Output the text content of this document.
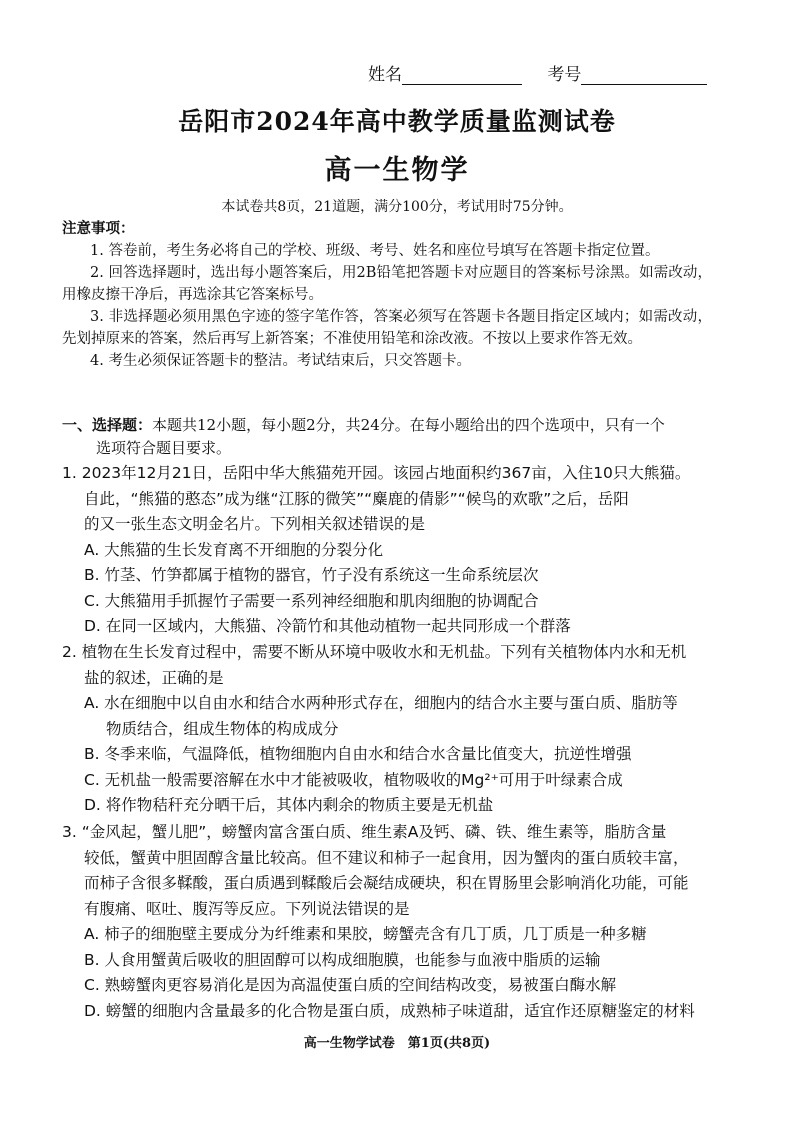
姓名	考号
岳阳市2024年高中教学质量监测试卷
高一生物学
本试卷共8页，21道题，满分100分，考试用时75分钟。
注意事项：
1. 答卷前，考生务必将自己的学校、班级、考号、姓名和座位号填写在答题卡指定位置。
2. 回答选择题时，选出每小题答案后，用2B铅笔把答题卡对应题目的答案标号涂黑。如需改动，用橡皮擦干净后，再选涂其它答案标号。
3. 非选择题必须用黑色字迹的签字笔作答，答案必须写在答题卡各题目指定区域内；如需改动，先划掉原来的答案，然后再写上新答案；不准使用铅笔和涂改液。不按以上要求作答无效。
4. 考生必须保证答题卡的整洁。考试结束后，只交答题卡。
一、选择题：本题共12小题，每小题2分，共24分。在每小题给出的四个选项中，只有一个
选项符合题目要求。
1. 2023年12月21日，岳阳中华大熊猫苑开园。该园占地面积约367亩，入住10只大熊猫。
自此，“熊猫的憨态”成为继“江豚的微笑”“麋鹿的倩影”“候鸟的欢歌”之后，岳阳
的又一张生态文明金名片。下列相关叙述错误的是
A. 大熊猫的生长发育离不开细胞的分裂分化
B. 竹茎、竹笋都属于植物的器官，竹子没有系统这一生命系统层次
C. 大熊猫用手抓握竹子需要一系列神经细胞和肌肉细胞的协调配合
D. 在同一区域内，大熊猫、冷箭竹和其他动植物一起共同形成一个群落
2. 植物在生长发育过程中，需要不断从环境中吸收水和无机盐。下列有关植物体内水和无机
盐的叙述，正确的是
A. 水在细胞中以自由水和结合水两种形式存在，细胞内的结合水主要与蛋白质、脂肪等
物质结合，组成生物体的构成成分
B. 冬季来临，气温降低，植物细胞内自由水和结合水含量比值变大，抗逆性增强
C. 无机盐一般需要溶解在水中才能被吸收，植物吸收的Mg²⁺可用于叶绿素合成
D. 将作物秸秆充分晒干后，其体内剩余的物质主要是无机盐
3. “金风起，蟹儿肥”，螃蟹肉富含蛋白质、维生素A及钙、磷、铁、维生素等，脂肪含量
较低，蟹黄中胆固醇含量比较高。但不建议和柿子一起食用，因为蟹肉的蛋白质较丰富，
而柿子含很多鞣酸，蛋白质遇到鞣酸后会凝结成硬块，积在胃肠里会影响消化功能，可能
有腹痛、呕吐、腹泻等反应。下列说法错误的是
A. 柿子的细胞壁主要成分为纤维素和果胶，螃蟹壳含有几丁质，几丁质是一种多糖
B. 人食用蟹黄后吸收的胆固醇可以构成细胞膜，也能参与血液中脂质的运输
C. 熟螃蟹肉更容易消化是因为高温使蛋白质的空间结构改变，易被蛋白酶水解
D. 螃蟹的细胞内含量最多的化合物是蛋白质，成熟柿子味道甜，适宜作还原糖鉴定的材料
高一生物学试卷　第1页(共8页)
